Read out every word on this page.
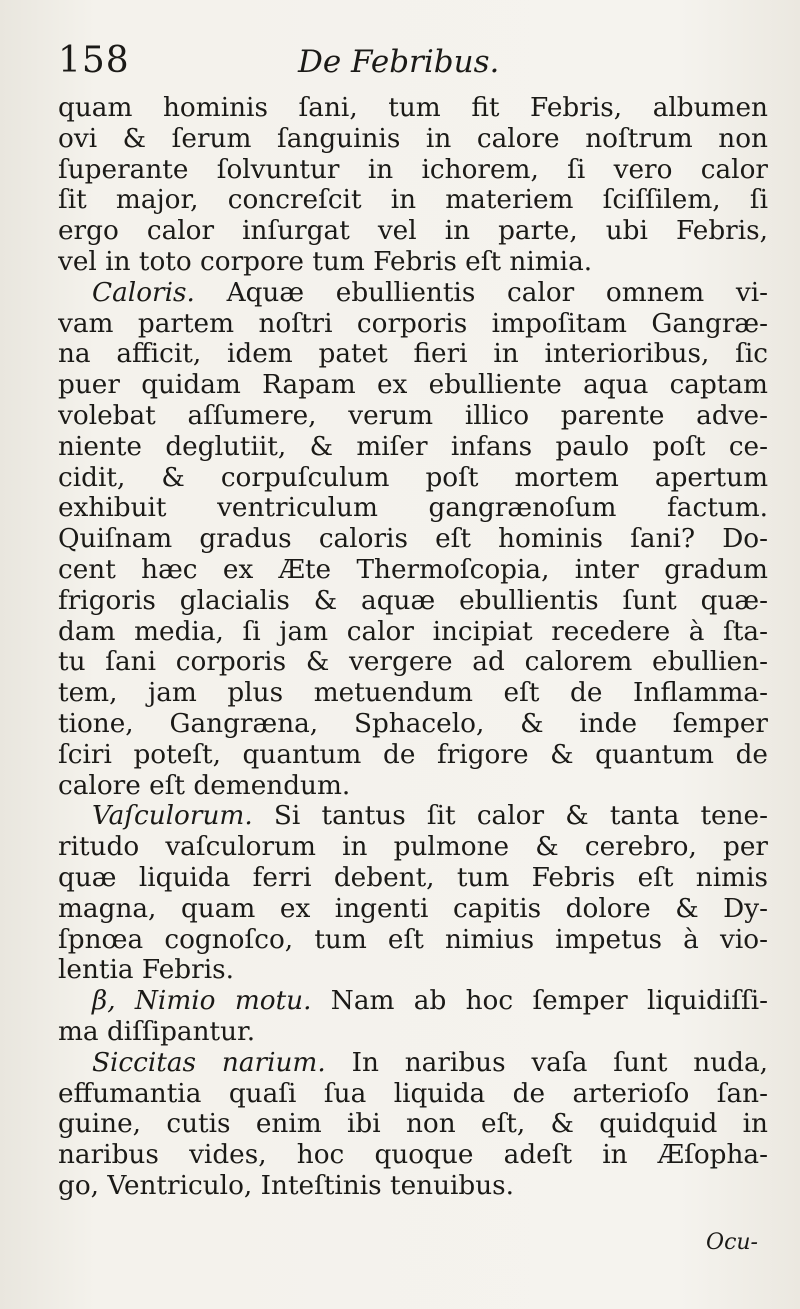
158	De Febribus.
quam hominis ſani, tum fit Febris, albumen
ovi & ſerum ſanguinis in calore noſtrum non
ſuperante ſolvuntur in ichorem, ſi vero calor
ſit major, concreſcit in materiem ſciſſilem, ſi
ergo calor inſurgat vel in parte, ubi Febris,
vel in toto corpore tum Febris eſt nimia.
Caloris. Aquæ ebullientis calor omnem vi-
vam partem noſtri corporis impoſitam Gangræ-
na afficit, idem patet fieri in interioribus, ſic
puer quidam Rapam ex ebulliente aqua captam
volebat aſſumere, verum illico parente adve-
niente deglutiit, & miſer infans paulo poſt ce-
cidit, & corpuſculum poſt mortem apertum
exhibuit ventriculum gangrænoſum factum.
Quiſnam gradus caloris eſt hominis ſani? Do-
cent hæc ex Æte Thermoſcopia, inter gradum
frigoris glacialis & aquæ ebullientis ſunt quæ-
dam media, ſi jam calor incipiat recedere à ſta-
tu ſani corporis & vergere ad calorem ebullien-
tem, jam plus metuendum eſt de Inflamma-
tione, Gangræna, Sphacelo, & inde ſemper
ſciri poteſt, quantum de frigore & quantum de
calore eſt demendum.
Vaſculorum. Si tantus ſit calor & tanta tene-
ritudo vaſculorum in pulmone & cerebro, per
quæ liquida ferri debent, tum Febris eſt nimis
magna, quam ex ingenti capitis dolore & Dy-
ſpnœa cognoſco, tum eſt nimius impetus à vio-
lentia Febris.
β, Nimio motu. Nam ab hoc ſemper liquidiſſi-
ma diſſipantur.
Siccitas narium. In naribus vaſa ſunt nuda,
effumantia quaſi ſua liquida de arterioſo ſan-
guine, cutis enim ibi non eſt, & quidquid in
naribus vides, hoc quoque adeſt in Æſopha-
go, Ventriculo, Inteſtinis tenuibus.
Ocu-
